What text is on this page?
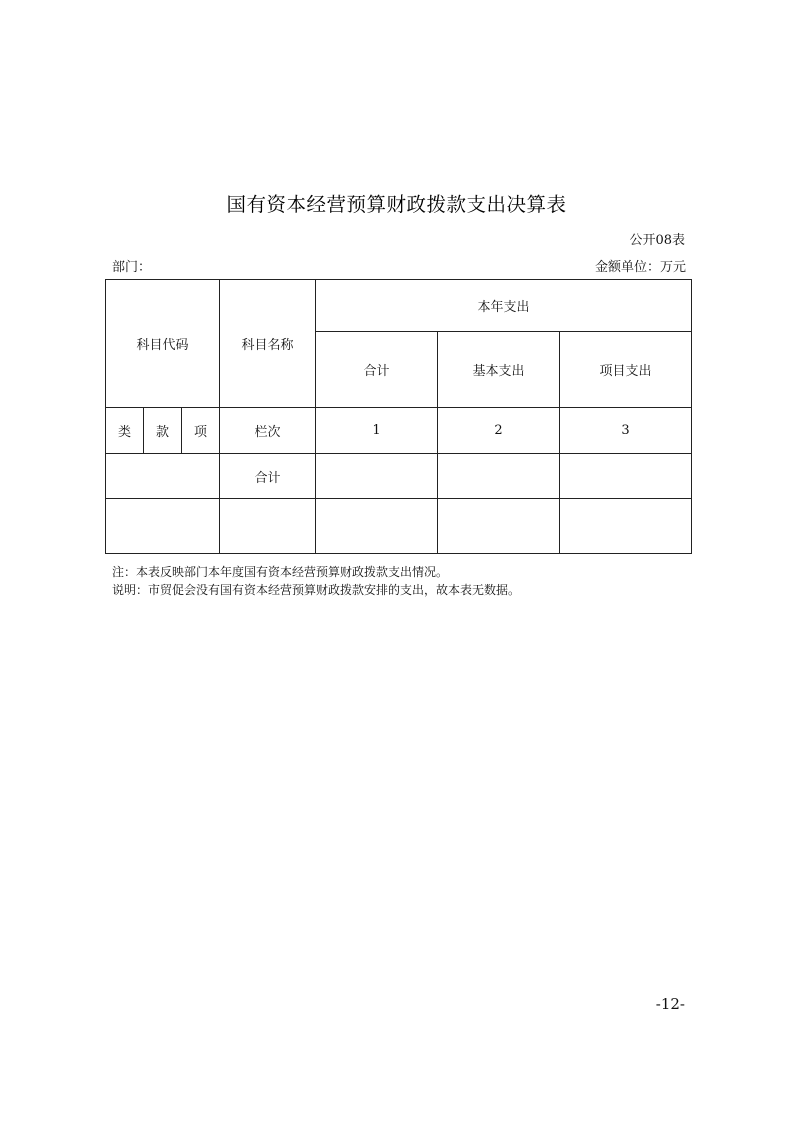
国有资本经营预算财政拨款支出决算表
公开08表
部门：	金额单位：万元
科目代码			科目名称	本年支出		
				合计	基本支出	项目支出
类	款	项	栏次	1	2	3
			合计			

注：本表反映部门本年度国有资本经营预算财政拨款支出情况。
说明：市贸促会没有国有资本经营预算财政拨款安排的支出，故本表无数据。
-12-
